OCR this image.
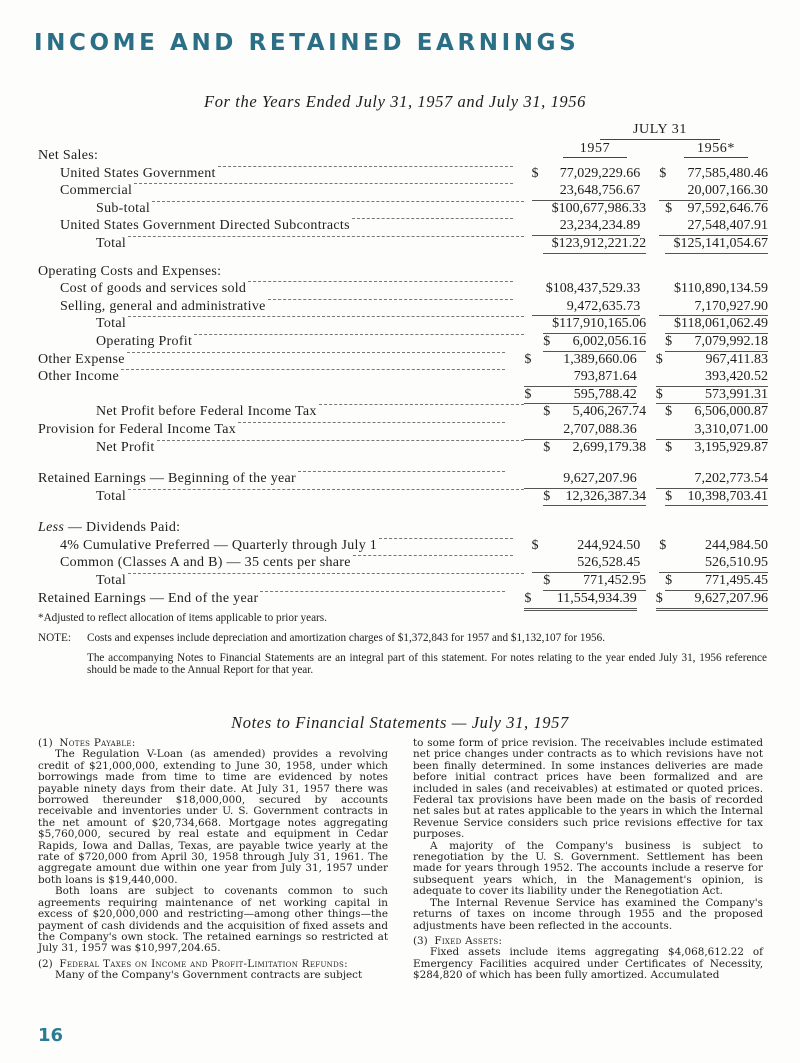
INCOME AND RETAINED EARNINGS
For the Years Ended July 31, 1957 and July 31, 1956
JULY 31
1957	1956*
Net Sales:
United States Government	$ 77,029,229.66 $ 77,585,480.46
Commercial	23,648,756.67	20,007,166.30
Sub-total	$100,677,986.33 $ 97,592,646.76
United States Government Directed Subcontracts	23,234,234.89	27,548,407.91
Total	$123,912,221.22 $125,141,054.67
Operating Costs and Expenses:
Cost of goods and services sold	$108,437,529.33 $110,890,134.59
Selling, general and administrative	9,472,635.73	7,170,927.90
Total	$117,910,165.06 $118,061,062.49
Operating Profit	$ 6,002,056.16 $ 7,079,992.18
Other Expense	$ 1,389,660.06 $	967,411.83
Other Income	793,871.64	393,420.52
$	595,788.42 $	573,991.31
Net Profit before Federal Income Tax	$ 5,406,267.74 $ 6,506,000.87
Provision for Federal Income Tax	2,707,088.36	3,310,071.00
Net Profit	$ 2,699,179.38 $ 3,195,929.87
Retained Earnings — Beginning of the year	9,627,207.96	7,202,773.54
Total	$ 12,326,387.34 $ 10,398,703.41
Less — Dividends Paid:
4% Cumulative Preferred — Quarterly through July 1	$	244,924.50 $	244,984.50
Common (Classes A and B) — 35 cents per share	526,528.45	526,510.95
Total	$ 771,452.95 $ 771,495.45
Retained Earnings — End of the year	$ 11,554,934.39 $ 9,627,207.96
*Adjusted to reflect allocation of items applicable to prior years.
NOTE: Costs and expenses include depreciation and amortization charges of $1,372,843 for 1957 and $1,132,107 for 1956.
The accompanying Notes to Financial Statements are an integral part of this statement. For notes relating to the year ended July 31, 1956 reference should be made to the Annual Report for that year.
Notes to Financial Statements — July 31, 1957

(1) Notes Payable:

The Regulation V-Loan (as amended) provides a revolving credit of $21,000,000, extending to June 30, 1958, under which borrowings made from time to time are evidenced by notes payable ninety days from their date. At July 31, 1957 there was borrowed thereunder $18,000,000, secured by accounts receivable and inventories under U. S. Government contracts in the net amount of $20,734,668. Mortgage notes aggregating $5,760,000, secured by real estate and equipment in Cedar Rapids, Iowa and Dallas, Texas, are payable twice yearly at the rate of $720,000 from April 30, 1958 through July 31, 1961. The aggregate amount due within one year from July 31, 1957 under both loans is $19,440,000.

Both loans are subject to covenants common to such agreements requiring maintenance of net working capital in excess of $20,000,000 and restricting—among other things—the payment of cash dividends and the acquisition of fixed assets and the Company's own stock. The retained earnings so restricted at July 31, 1957 was $10,997,204.65.

(2) Federal Taxes on Income and Profit-Limitation Refunds:

Many of the Company's Government contracts are subject

to some form of price revision. The receivables include estimated net price changes under contracts as to which revisions have not been finally determined. In some instances deliveries are made before initial contract prices have been formalized and are included in sales (and receivables) at estimated or quoted prices. Federal tax provisions have been made on the basis of recorded net sales but at rates applicable to the years in which the Internal Revenue Service considers such price revisions effective for tax purposes.

A majority of the Company's business is subject to renegotiation by the U. S. Government. Settlement has been made for years through 1952. The accounts include a reserve for subsequent years which, in the Management's opinion, is adequate to cover its liability under the Renegotiation Act.

The Internal Revenue Service has examined the Company's returns of taxes on income through 1955 and the proposed adjustments have been reflected in the accounts.

(3) Fixed Assets:

Fixed assets include items aggregating $4,068,612.22 of Emergency Facilities acquired under Certificates of Necessity, $284,820 of which has been fully amortized. Accumulated

16
